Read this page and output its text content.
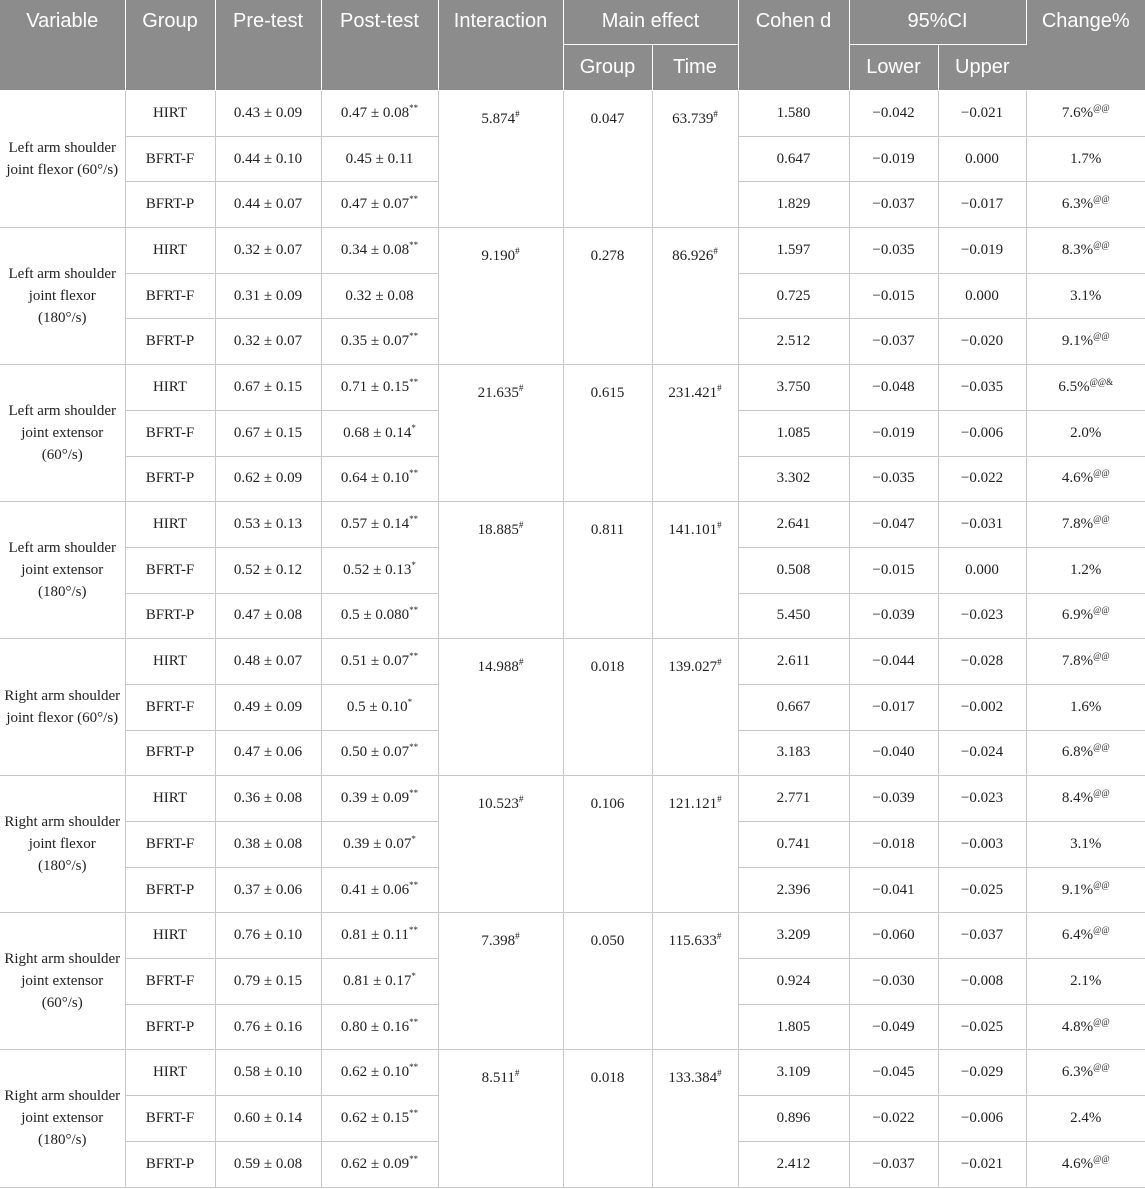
Variable	Group	Pre-test	Post-test	Interaction	Main effect		Cohen d	95%CI		Change%
					Group	Time		Lower	Upper	
Left arm shoulder joint flexor (60°/s)	HIRT	0.43 ± 0.09	0.47 ± 0.08**	5.874#	0.047	63.739#	1.580	−0.042	−0.021	7.6%@@
	BFRT-F	0.44 ± 0.10	0.45 ± 0.11				0.647	−0.019	0.000	1.7%
	BFRT-P	0.44 ± 0.07	0.47 ± 0.07**				1.829	−0.037	−0.017	6.3%@@
Left arm shoulder joint flexor (180°/s)	HIRT	0.32 ± 0.07	0.34 ± 0.08**	9.190#	0.278	86.926#	1.597	−0.035	−0.019	8.3%@@
	BFRT-F	0.31 ± 0.09	0.32 ± 0.08				0.725	−0.015	0.000	3.1%
	BFRT-P	0.32 ± 0.07	0.35 ± 0.07**				2.512	−0.037	−0.020	9.1%@@
Left arm shoulder joint extensor (60°/s)	HIRT	0.67 ± 0.15	0.71 ± 0.15**	21.635#	0.615	231.421#	3.750	−0.048	−0.035	6.5%@@&
	BFRT-F	0.67 ± 0.15	0.68 ± 0.14*				1.085	−0.019	−0.006	2.0%
	BFRT-P	0.62 ± 0.09	0.64 ± 0.10**				3.302	−0.035	−0.022	4.6%@@
Left arm shoulder joint extensor (180°/s)	HIRT	0.53 ± 0.13	0.57 ± 0.14**	18.885#	0.811	141.101#	2.641	−0.047	−0.031	7.8%@@
	BFRT-F	0.52 ± 0.12	0.52 ± 0.13*				0.508	−0.015	0.000	1.2%
	BFRT-P	0.47 ± 0.08	0.5 ± 0.080**				5.450	−0.039	−0.023	6.9%@@
Right arm shoulder joint flexor (60°/s)	HIRT	0.48 ± 0.07	0.51 ± 0.07**	14.988#	0.018	139.027#	2.611	−0.044	−0.028	7.8%@@
	BFRT-F	0.49 ± 0.09	0.5 ± 0.10*				0.667	−0.017	−0.002	1.6%
	BFRT-P	0.47 ± 0.06	0.50 ± 0.07**				3.183	−0.040	−0.024	6.8%@@
Right arm shoulder joint flexor (180°/s)	HIRT	0.36 ± 0.08	0.39 ± 0.09**	10.523#	0.106	121.121#	2.771	−0.039	−0.023	8.4%@@
	BFRT-F	0.38 ± 0.08	0.39 ± 0.07*				0.741	−0.018	−0.003	3.1%
	BFRT-P	0.37 ± 0.06	0.41 ± 0.06**				2.396	−0.041	−0.025	9.1%@@
Right arm shoulder joint extensor (60°/s)	HIRT	0.76 ± 0.10	0.81 ± 0.11**	7.398#	0.050	115.633#	3.209	−0.060	−0.037	6.4%@@
	BFRT-F	0.79 ± 0.15	0.81 ± 0.17*				0.924	−0.030	−0.008	2.1%
	BFRT-P	0.76 ± 0.16	0.80 ± 0.16**				1.805	−0.049	−0.025	4.8%@@
Right arm shoulder joint extensor (180°/s)	HIRT	0.58 ± 0.10	0.62 ± 0.10**	8.511#	0.018	133.384#	3.109	−0.045	−0.029	6.3%@@
	BFRT-F	0.60 ± 0.14	0.62 ± 0.15**				0.896	−0.022	−0.006	2.4%
	BFRT-P	0.59 ± 0.08	0.62 ± 0.09**				2.412	−0.037	−0.021	4.6%@@
